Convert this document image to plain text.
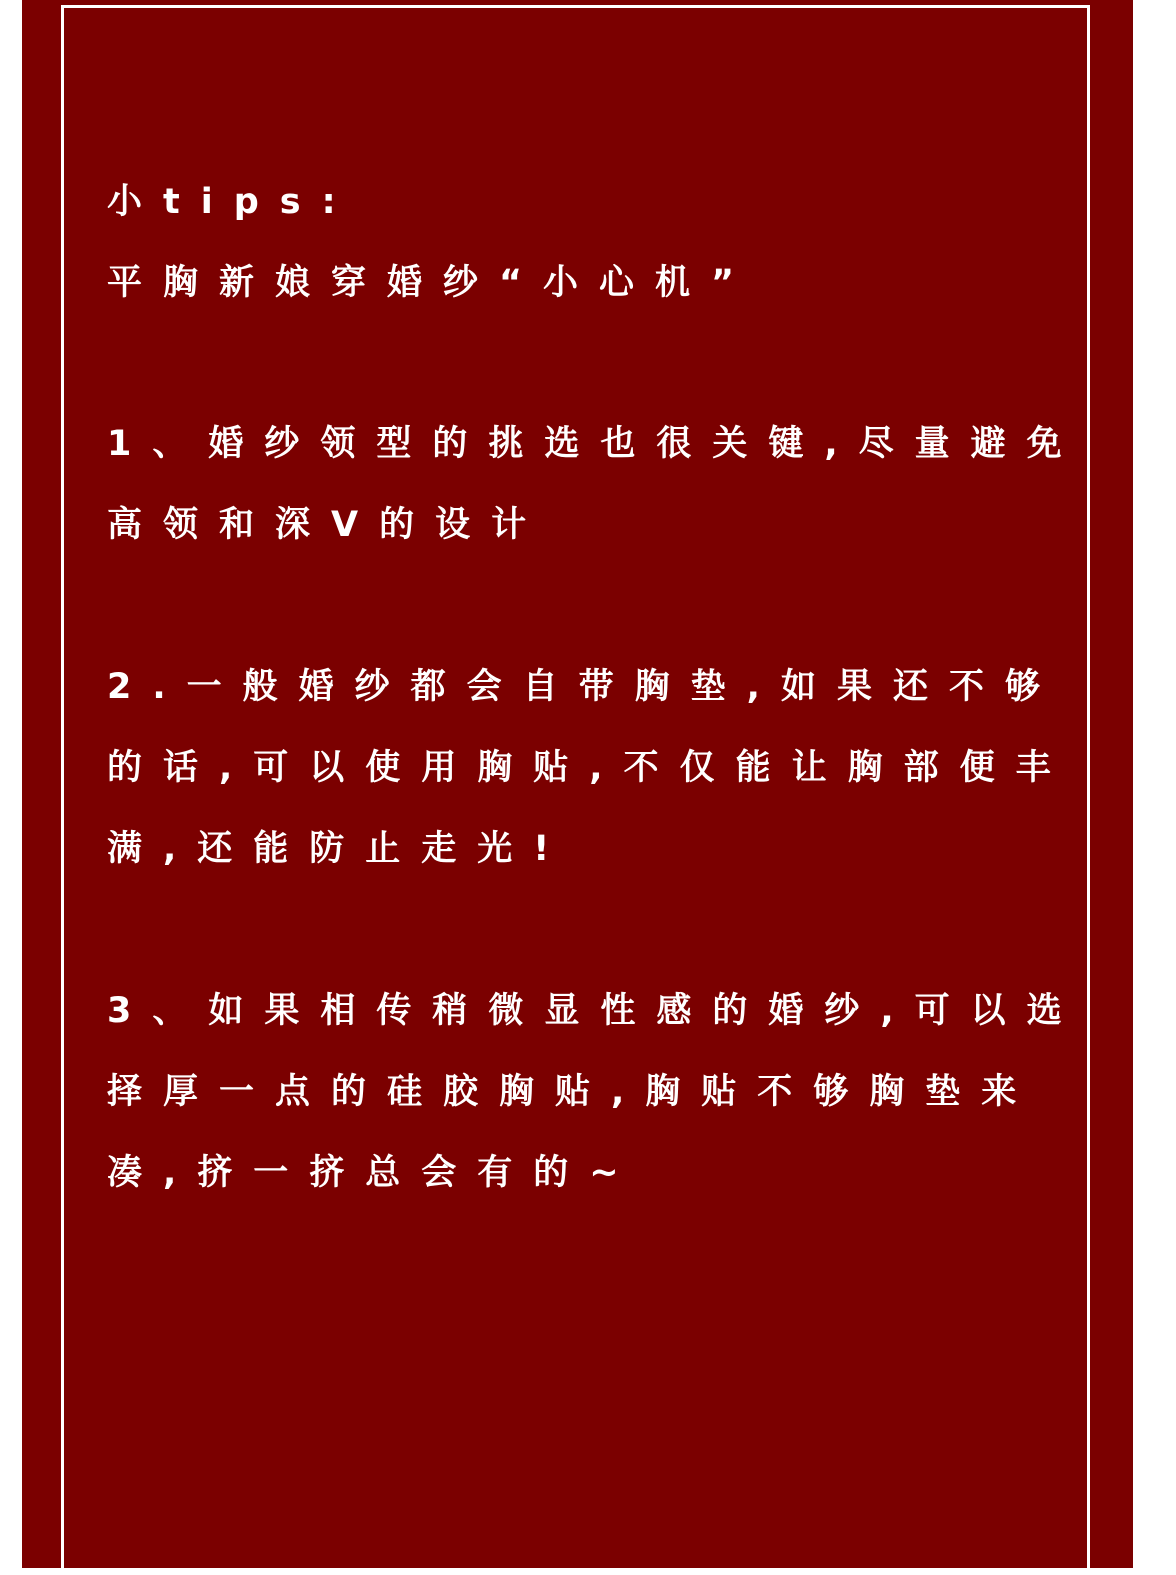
小tips:
平胸新娘穿婚纱“小心机”
1、婚纱领型的挑选也很关键,尽量避免
高领和深V的设计
2.一般婚纱都会自带胸垫,如果还不够
的话,可以使用胸贴,不仅能让胸部便丰
满,还能防止走光!
3、如果相传稍微显性感的婚纱,可以选
择厚一点的硅胶胸贴,胸贴不够胸垫来
凑,挤一挤总会有的~
